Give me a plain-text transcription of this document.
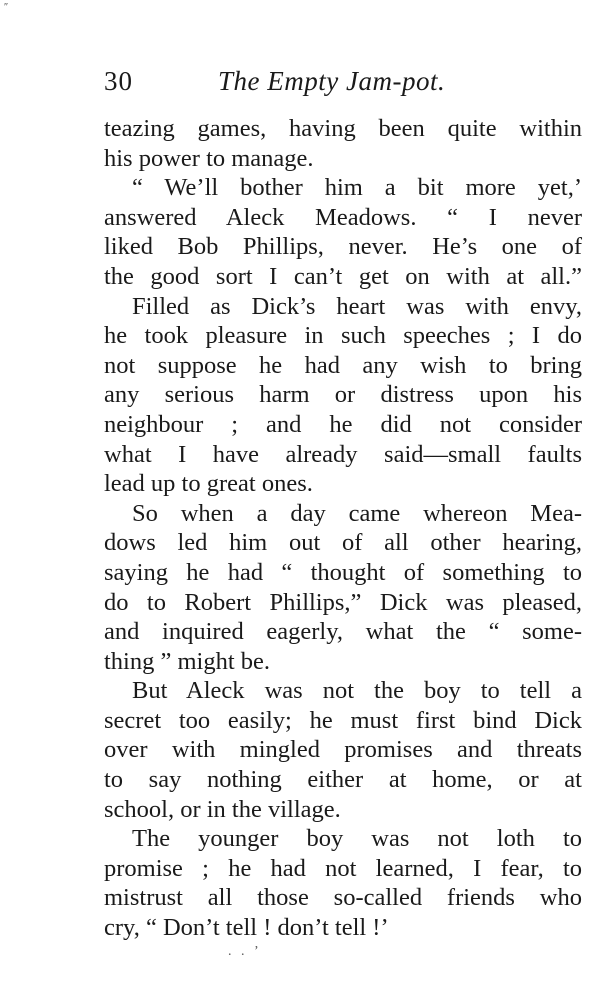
″
30	The Empty Jam-pot.
teazing games, having been quite within
his power to manage.
“ We’ll bother him a bit more yet,’
answered Aleck Meadows. “ I never
liked Bob Phillips, never. He’s one of
the good sort I can’t get on with at all.”
Filled as Dick’s heart was with envy,
he took pleasure in such speeches ; I do
not suppose he had any wish to bring
any serious harm or distress upon his
neighbour ; and he did not consider
what I have already said—small faults
lead up to great ones.
So when a day came whereon Mea-
dows led him out of all other hearing,
saying he had “ thought of something to
do to Robert Phillips,” Dick was pleased,
and inquired eagerly, what the “ some-
thing ” might be.
But Aleck was not the boy to tell a
secret too easily; he must first bind Dick
over with mingled promises and threats
to say nothing either at home, or at
school, or in the village.
The younger boy was not loth to
promise ; he had not learned, I fear, to
mistrust all those so-called friends who
cry, “ Don’t tell ! don’t tell !’
. . ’
